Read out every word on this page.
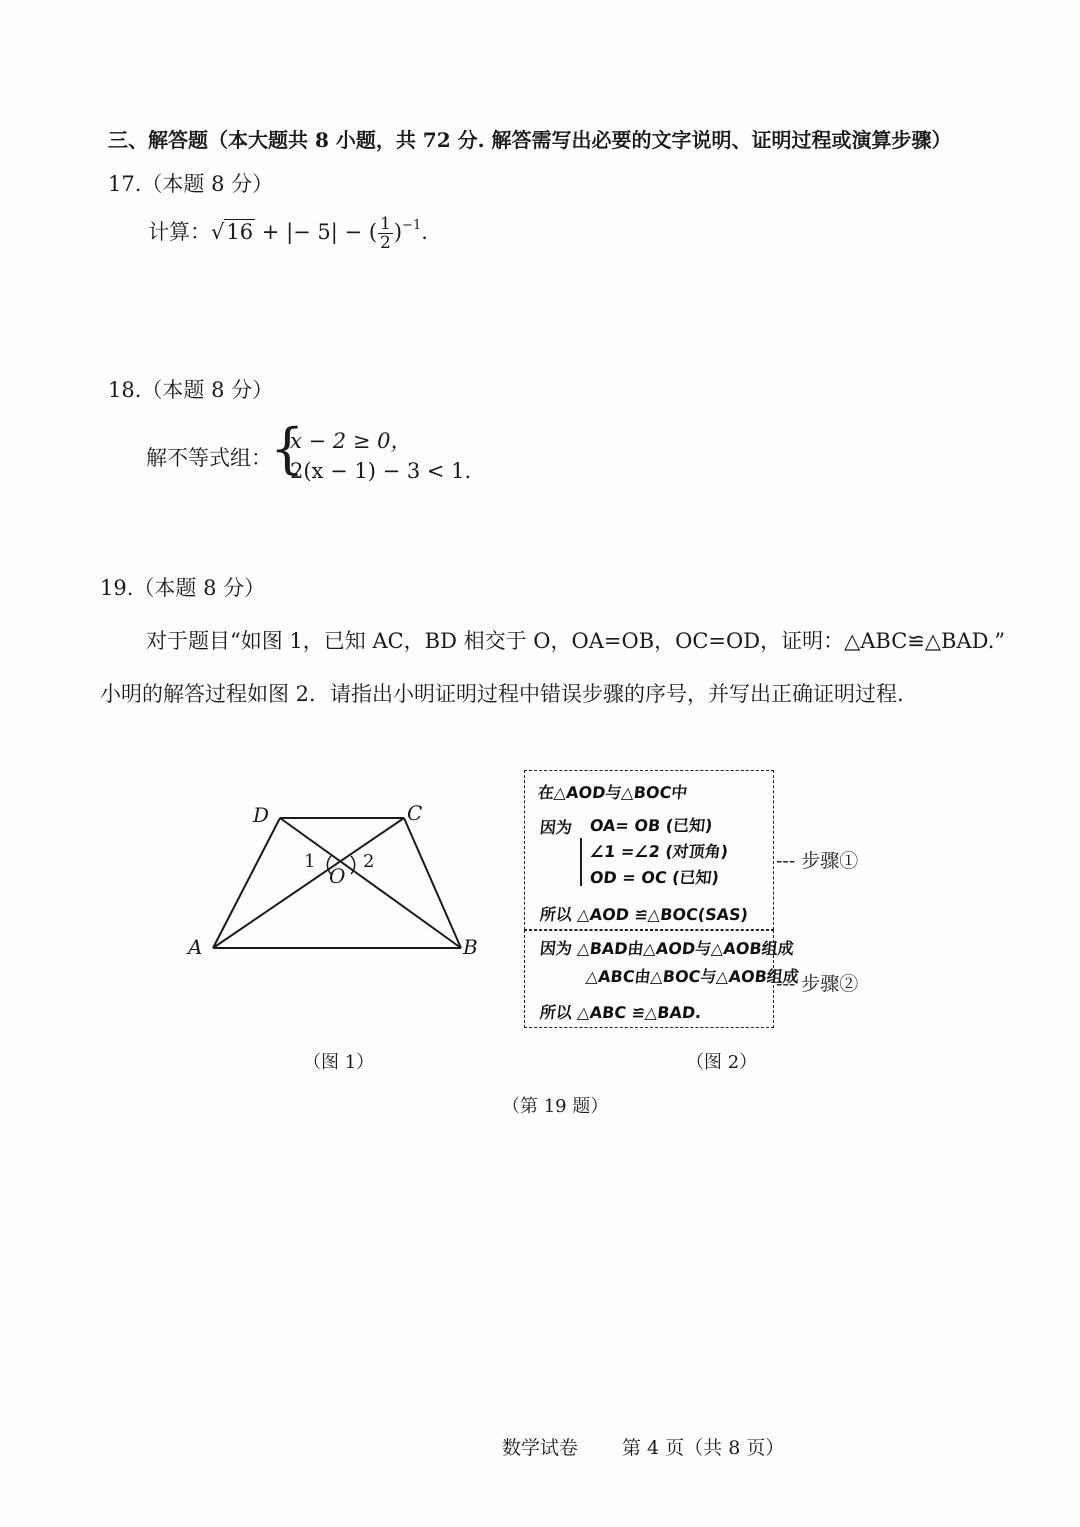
三、解答题（本大题共 8 小题，共 72 分. 解答需写出必要的文字说明、证明过程或演算步骤）
17.（本题 8 分）
计算：√16 + |− 5| − ( $\frac{1}{2} )^{-1}$.
18.（本题 8 分）
解不等式组：
{
x − 2 ≥ 0，
2(x − 1) − 3 < 1.
19.（本题 8 分）
对于题目“如图 1，已知 AC，BD 相交于 O，OA=OB，OC=OD，证明：△ABC≌△BAD.”
小明的解答过程如图 2．请指出小明证明过程中错误步骤的序号，并写出正确证明过程.
A	B
C
D
O
1	2
（图 1）
在△AOD与△BOC中
因为 OA= OB (已知)
∠1 =∠2 (对顶角)
OD = OC (已知)
所以 △AOD ≌△BOC(SAS)
因为 △BAD由△AOD与△AOB组成
△ABC由△BOC与△AOB组成
所以 △ABC ≌△BAD.
--- 步骤①
--- 步骤②
（图 2）
（第 19 题）
数学试卷 第 4 页（共 8 页）
